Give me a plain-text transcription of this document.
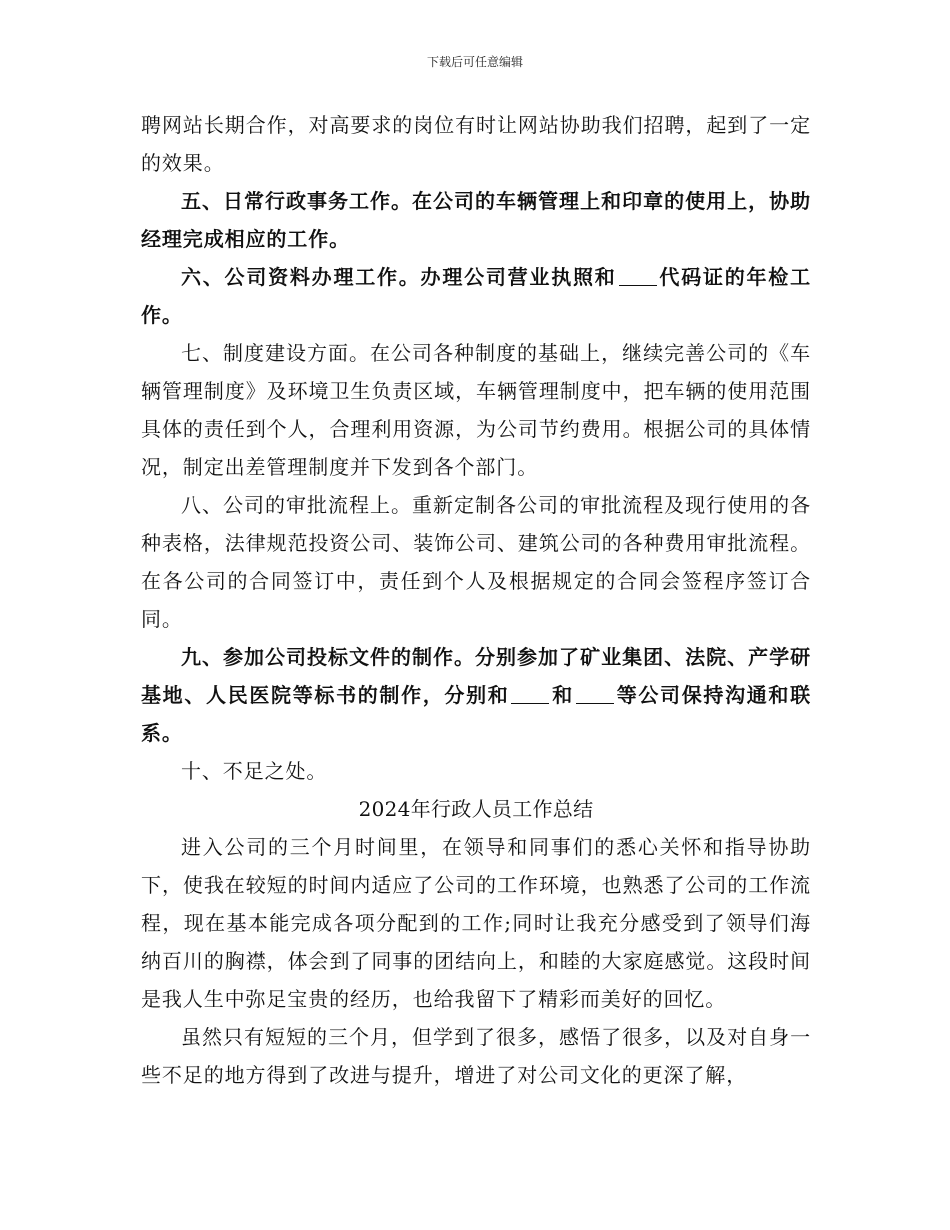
下载后可任意编辑

聘网站长期合作，对高要求的岗位有时让网站协助我们招聘，起到了一定的效果。

五、日常行政事务工作。在公司的车辆管理上和印章的使用上，协助经理完成相应的工作。

六、公司资料办理工作。办理公司营业执照和 代码证的年检工作。

七、制度建设方面。在公司各种制度的基础上，继续完善公司的《车辆管理制度》及环境卫生负责区域，车辆管理制度中，把车辆的使用范围具体的责任到个人，合理利用资源，为公司节约费用。根据公司的具体情况，制定出差管理制度并下发到各个部门。

八、公司的审批流程上。重新定制各公司的审批流程及现行使用的各种表格，法律规范投资公司、装饰公司、建筑公司的各种费用审批流程。在各公司的合同签订中，责任到个人及根据规定的合同会签程序签订合同。

九、参加公司投标文件的制作。分别参加了矿业集团、法院、产学研基地、人民医院等标书的制作，分别和 和 等公司保持沟通和联系。

十、不足之处。

2024年行政人员工作总结

进入公司的三个月时间里，在领导和同事们的悉心关怀和指导协助下，使我在较短的时间内适应了公司的工作环境，也熟悉了公司的工作流程，现在基本能完成各项分配到的工作;同时让我充分感受到了领导们海纳百川的胸襟，体会到了同事的团结向上，和睦的大家庭感觉。这段时间是我人生中弥足宝贵的经历，也给我留下了精彩而美好的回忆。

虽然只有短短的三个月，但学到了很多，感悟了很多，以及对自身一些不足的地方得到了改进与提升，增进了对公司文化的更深了解，
